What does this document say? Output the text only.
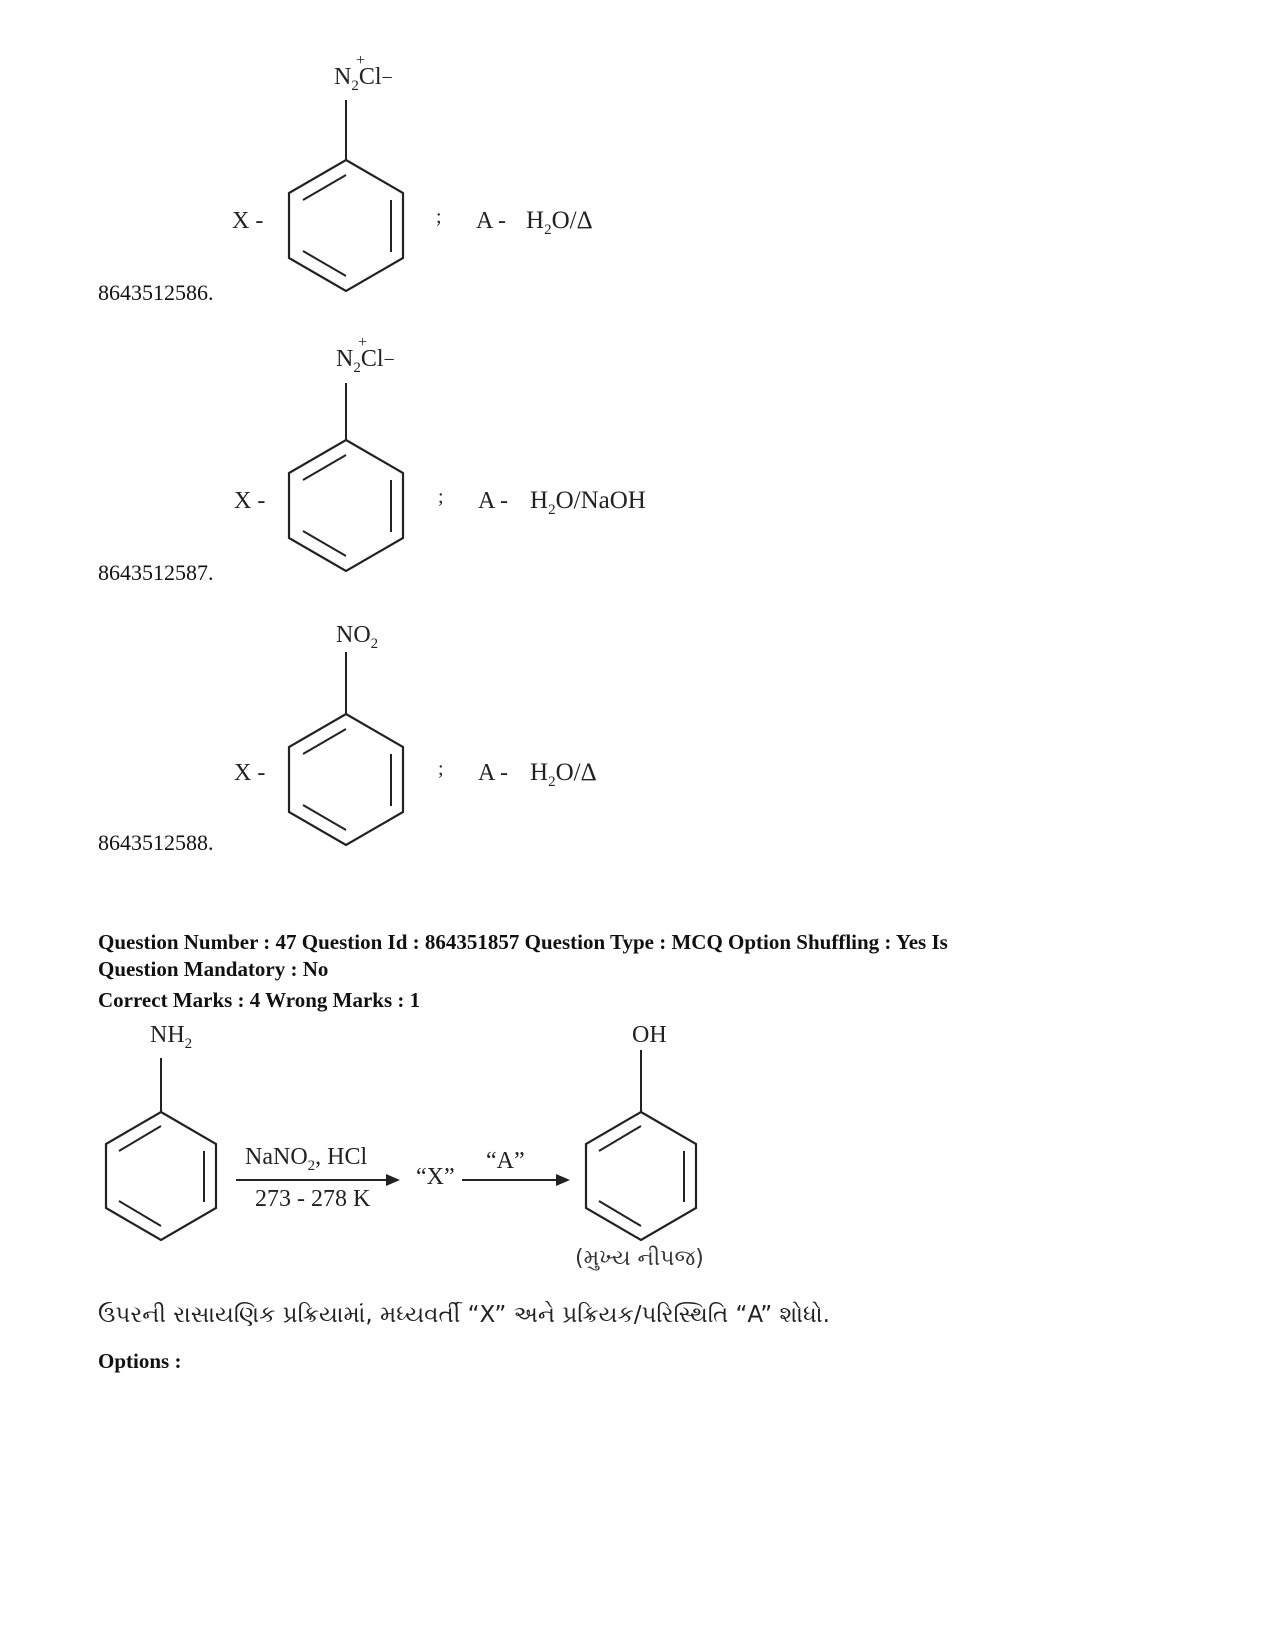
$N_2Cl-$
+
X -	; A - $H_2O/\Delta$
8643512586.
$N_2Cl-$
+
X -	; A - $H_2O$/NaOH
8643512587.
$NO_2$
X -	; A - $H_2O/\Delta$
8643512588.
Question Number : 47 Question Id : 864351857 Question Type : MCQ Option Shuffling : Yes Is
Question Mandatory : No
Correct Marks : 4 Wrong Marks : 1
$NH_2$
NaNO$_2$, HCl
273 - 278 K
“X”
“A”
OH
(મુખ્ય નીપજ)
ઉપરની રાસાયણિક પ્રક્રિયામાં, મધ્યવર્તી “X” અને પ્રક્રિયક/પરિસ્થિતિ “A” શોધો.
Options :
